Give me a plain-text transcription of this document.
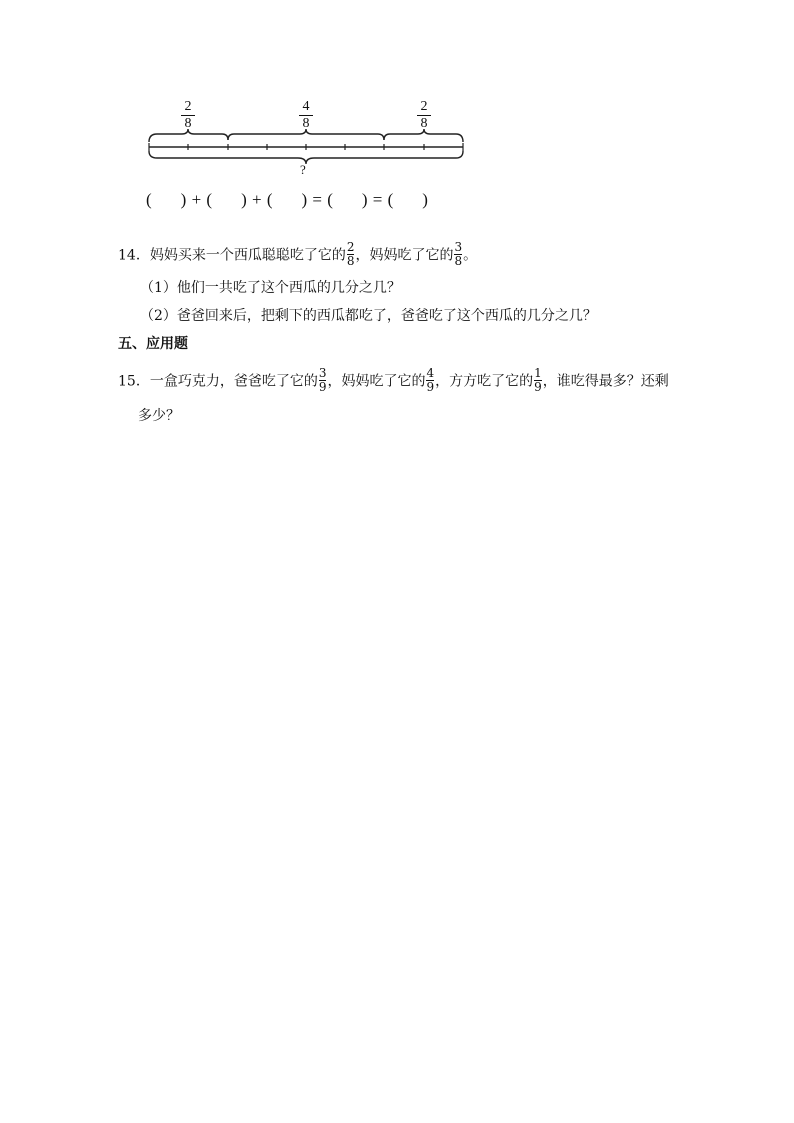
2
8
4
8
2
8
?
(      ) + (      ) + (      ) = (      ) = (      )
14．妈妈买来一个西瓜聪聪吃了它的 $\frac{2}{8}$ ，妈妈吃了它的 $\frac{3}{8}$ 。
（1）他们一共吃了这个西瓜的几分之几？
（2）爸爸回来后，把剩下的西瓜都吃了，爸爸吃了这个西瓜的几分之几？
五、应用题
15．一盒巧克力，爸爸吃了它的 $\frac{3}{9}$ ，妈妈吃了它的 $\frac{4}{9}$ ，方方吃了它的 $\frac{1}{9}$ ，谁吃得最多？还剩
多少？
